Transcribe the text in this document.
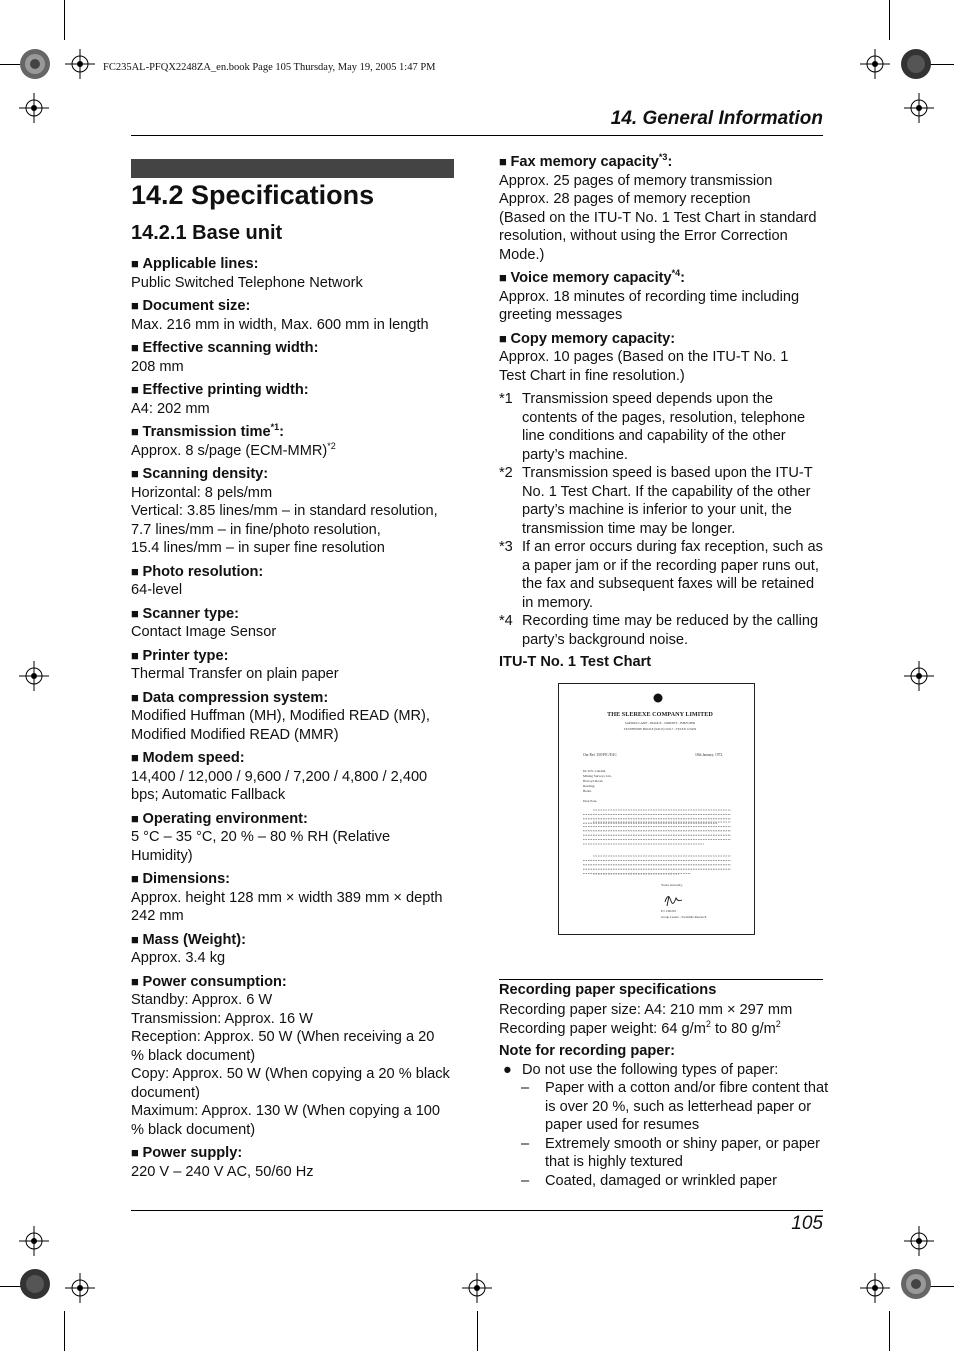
FC235AL-PFQX2248ZA_en.book Page 105 Thursday, May 19, 2005 1:47 PM
14. General Information
14.2 Specifications
14.2.1 Base unit
■ Applicable lines:
Public Switched Telephone Network
■ Document size:
Max. 216 mm in width, Max. 600 mm in length
■ Effective scanning width:
208 mm
■ Effective printing width:
A4: 202 mm
■ Transmission time$^{*1}$:
Approx. 8 s/page $(ECM-MMR)^{*2}$
■ Scanning density:
Horizontal: 8 pels/mm
Vertical: 3.85 lines/mm – in standard resolution,
7.7 lines/mm – in fine/photo resolution,
15.4 lines/mm – in super fine resolution
■ Photo resolution:
64-level
■ Scanner type:
Contact Image Sensor
■ Printer type:
Thermal Transfer on plain paper
■ Data compression system:
Modified Huffman (MH), Modified READ (MR),
Modified Modified READ (MMR)
■ Modem speed:
14,400 / 12,000 / 9,600 / 7,200 / 4,800 / 2,400
bps; Automatic Fallback
■ Operating environment:
5 °C – 35 °C, 20 % – 80 % RH (Relative
Humidity)
■ Dimensions:
Approx. height 128 mm × width 389 mm × depth
242 mm
■ Mass (Weight):
Approx. 3.4 kg
■ Power consumption:
Standby: Approx. 6 W
Transmission: Approx. 16 W
Reception: Approx. 50 W (When receiving a 20
% black document)
Copy: Approx. 50 W (When copying a 20 % black
document)
Maximum: Approx. 130 W (When copying a 100
% black document)
■ Power supply:
220 V – 240 V AC, 50/60 Hz
■ Fax memory capacity$^{*3}$:
Approx. 25 pages of memory transmission
Approx. 28 pages of memory reception
(Based on the ITU-T No. 1 Test Chart in standard
resolution, without using the Error Correction
Mode.)
■ Voice memory capacity$^{*4}$:
Approx. 18 minutes of recording time including
greeting messages
■ Copy memory capacity:
Approx. 10 pages (Based on the ITU-T No. 1
Test Chart in fine resolution.)
*1 Transmission speed depends upon the contents of the pages, resolution, telephone line conditions and capability of the other party’s machine.
*2 Transmission speed is based upon the ITU-T No. 1 Test Chart. If the capability of the other party’s machine is inferior to your unit, the transmission time may be longer.
*3 If an error occurs during fax reception, such as a paper jam or if the recording paper runs out, the fax and subsequent faxes will be retained in memory.
*4 Recording time may be reduced by the calling party’s background noise.
ITU-T No. 1 Test Chart
THE SLEREXE COMPANY LIMITED
SAPORS LANE - BOOLE - DORSET - BH25 8ER
TELEPHONE BOOLE (94513) 51617 - TELEX 123456
Our Ref. 350/PJC/EAC	18th January, 1972.
Dr. P.N. Cundall,
Mining Surveys Ltd.,
Holroyd Road,
Reading,
Berks.
Dear Pete,
Yours sincerely,
P.J. CROSS
Group Leader - Facsimile Research
Recording paper specifications
Recording paper size: A4: 210 mm × 297 mm
Recording paper weight: 64 $g/m^2$ to 80 $g/m^2$
Note for recording paper:
● Do not use the following types of paper:
– Paper with a cotton and/or fibre content that is over 20 %, such as letterhead paper or paper used for resumes
– Extremely smooth or shiny paper, or paper that is highly textured
– Coated, damaged or wrinkled paper
105
